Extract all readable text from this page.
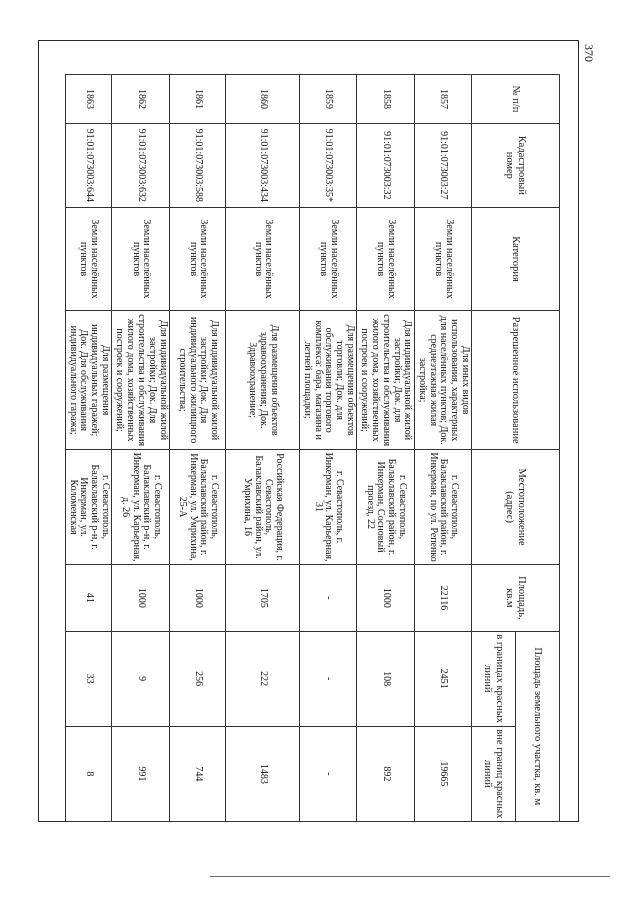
370
№ п/п	Кадастровый номер	Категория	Разрешенное использование	Местоположение (адрес)	Площадь, кв.м	Площадь земельного участка, кв. м	
						в границах красных линий	вне границ красных линий
1857	91:01:073003:27	Земли населённых пунктов	Для иных видов использования, характерных для населённых пунктов; Док. среднеэтажная жилая застройка;	г. Севастополь, Балаклавский район, г. Инкерман, по ул. Репенко	22116	2451	19665
1858	91:01:073003:32	Земли населённых пунктов	Для индивидуальной жилой застройки; Док. для строительства и обслуживания жилого дома, хозяйственных построек и сооружений;	г. Севастополь, Балаклавский район, г. Инкерман, Сосновый проезд, 22	1000	108	892
1859	91:01:073003:35*	Земли населённых пунктов	Для размещения объектов торговли; Док. для обслуживания торгового комплекса: бара, магазина и летней площадки;	г. Севастополь, г. Инкерман, ул. Карьерная, 31	-	-	-
1860	91:01:073003:434	Земли населённых пунктов	Для размещения объектов здравоохранения; Док. Здравоохранение;	Российская Федерация, г. Севастополь, Балаклавский район, ул. Умрихина, 16	1705	222	1483
1861	91:01:073003:588	Земли населённых пунктов	Для индивидуальной жилой застройки; Док. Для индивидуального жилищного строительства;	г. Севастополь, Балаклавский район, г. Инкерман, ул. Умрихина, 25-А	1000	256	744
1862	91:01:073003:632	Земли населённых пунктов	Для индивидуальной жилой застройки; Док. Для строительства и обслуживания жилого дома, хозяйственных построек и сооружений;	г. Севастополь, Балаклавский р-н, г. Инкерман, ул. Карьерная, д. 26	1000	9	991
1863	91:01:073003:644	Земли населённых пунктов	Для размещения индивидуальных гаражей; Док. Для обслуживания индивидуального гаража;	г. Севастополь, Балаклавский р-н, г. Инкерман, ул. Коломенская	41	33	8
